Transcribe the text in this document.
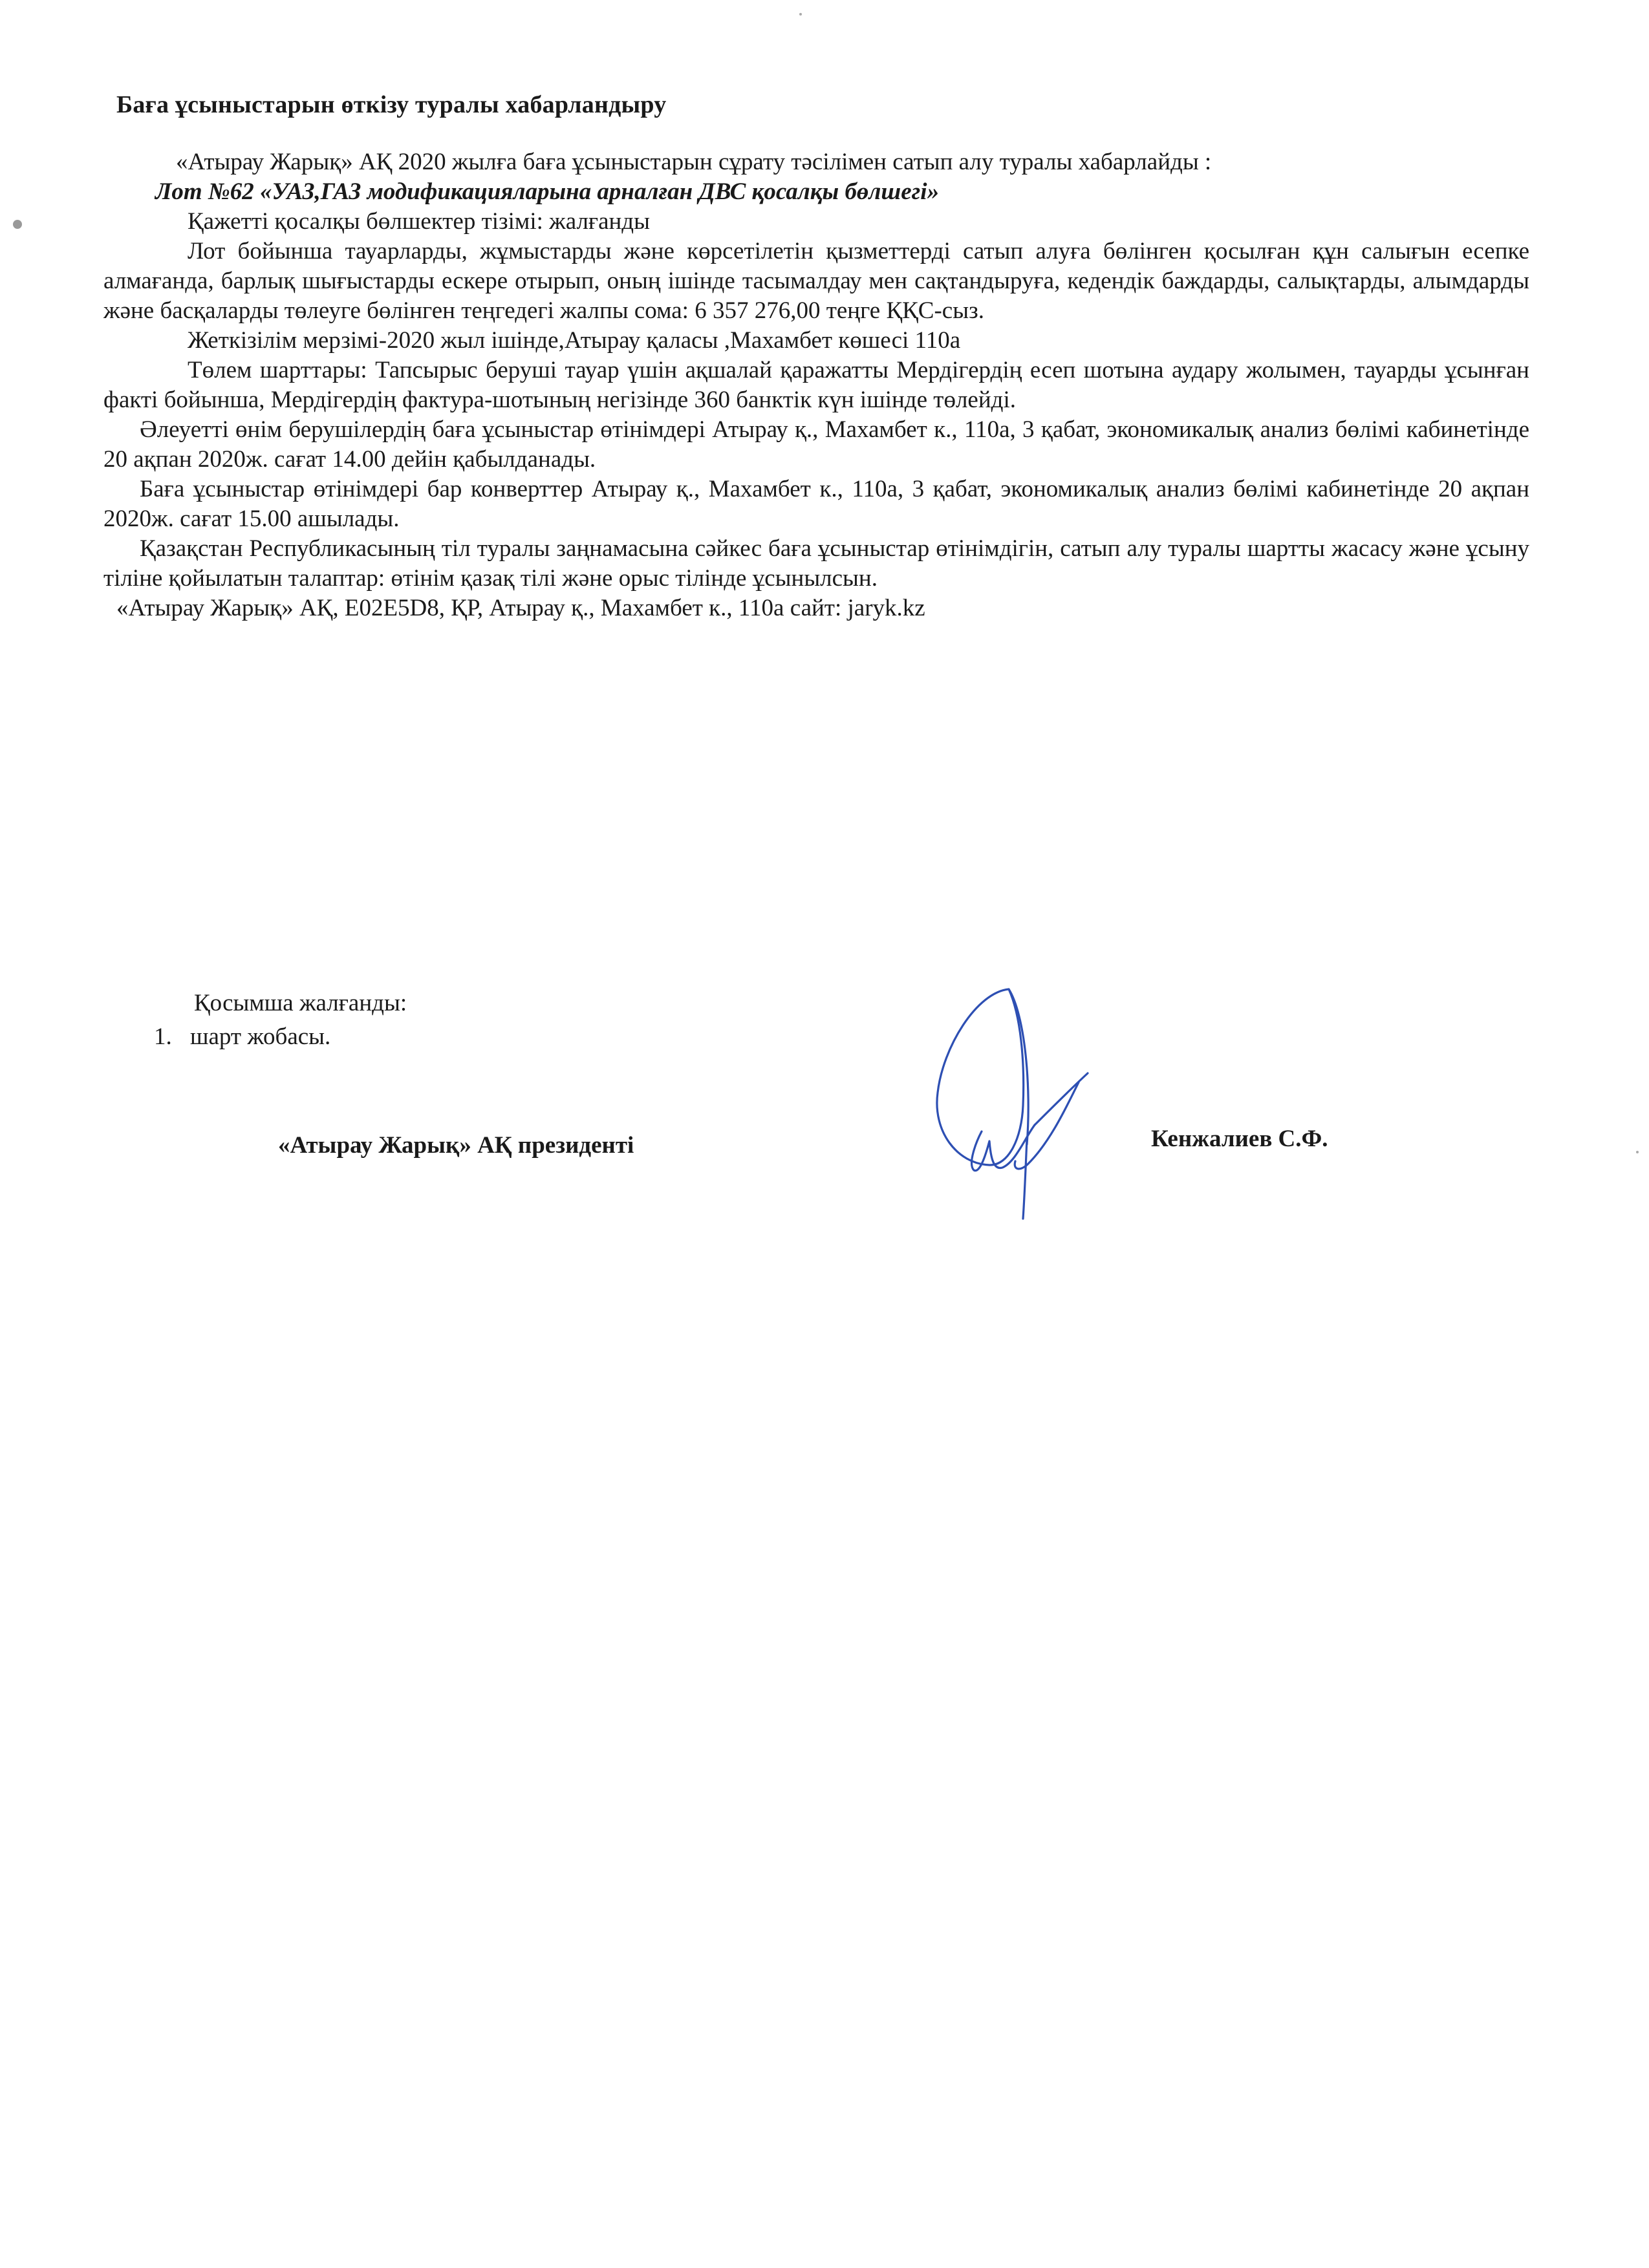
Баға ұсыныстарын өткізу туралы хабарландыру

«Атырау Жарық» АҚ 2020 жылға баға ұсыныстарын сұрату тәсілімен сатып алу туралы хабарлайды :

Лот №62 «УАЗ,ГАЗ модификацияларына арналған ДВС қосалқы бөлшегі»

Қажетті қосалқы бөлшектер тізімі: жалғанды

Лот бойынша тауарларды, жұмыстарды және көрсетілетін қызметтерді сатып алуға бөлінген қосылған құн салығын есепке алмағанда, барлық шығыстарды ескере отырып, оның ішінде тасымалдау мен сақтандыруға, кедендік баждарды, салықтарды, алымдарды және басқаларды төлеуге бөлінген теңгедегі жалпы сома: 6 357 276,00 теңге ҚҚС-сыз.

Жеткізілім мерзімі-2020 жыл ішінде,Атырау қаласы ,Махамбет көшесі 110а

Төлем шарттары: Тапсырыс беруші тауар үшін ақшалай қаражатты Мердігердің есеп шотына аудару жолымен, тауарды ұсынған факті бойынша, Мердігердің фактура-шотының негізінде 360 банктік күн ішінде төлейді.

Әлеуетті өнім берушілердің баға ұсыныстар өтінімдері Атырау қ., Махамбет к., 110а, 3 қабат, экономикалық анализ бөлімі кабинетінде 20 ақпан 2020ж. сағат 14.00 дейін қабылданады.

Баға ұсыныстар өтінімдері бар конверттер Атырау қ., Махамбет к., 110а, 3 қабат, экономикалық анализ бөлімі кабинетінде 20 ақпан 2020ж. сағат 15.00 ашылады.

Қазақстан Республикасының тіл туралы заңнамасына сәйкес баға ұсыныстар өтінімдігін, сатып алу туралы шартты жасасу және ұсыну тіліне қойылатын талаптар: өтінім қазақ тілі және орыс тілінде ұсынылсын.

«Атырау Жарық» АҚ, Е02Е5D8, ҚР, Атырау қ., Махамбет к., 110а сайт: jaryk.kz

Қосымша жалғанды:
1. шарт жобасы.
«Атырау Жарық» АҚ президенті	Кенжалиев С.Ф.
